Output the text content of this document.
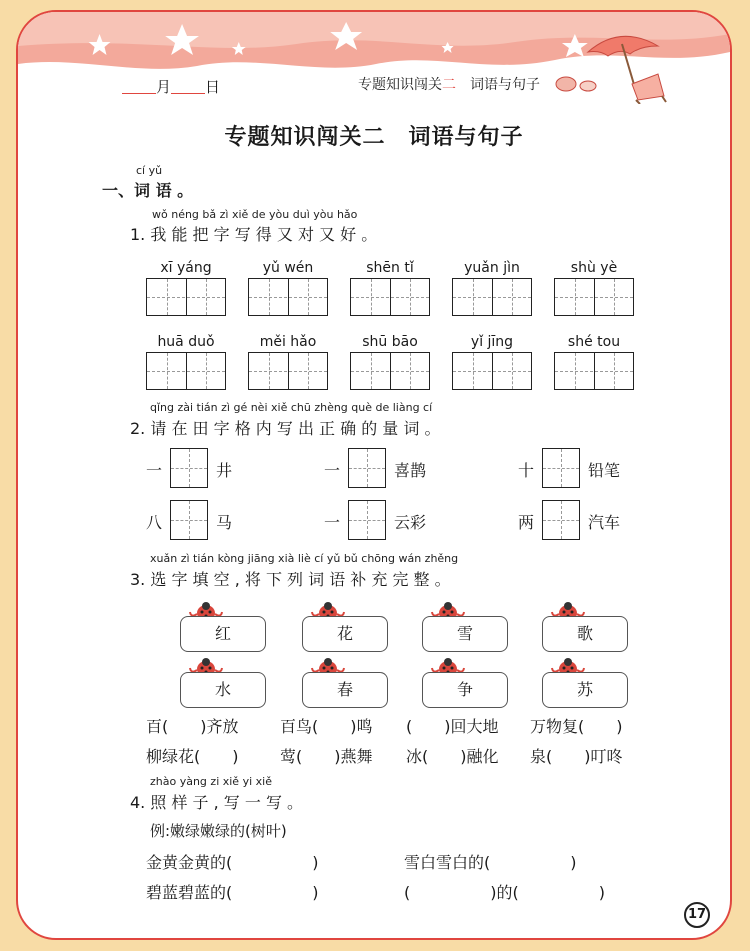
月 日	专题知识闯关二　 词语与句子
专题知识闯关二　词语与句子
cí yǔ
一、词 语 。
wǒ néng bǎ zì xiě de yòu duì yòu hǎo
1. 我 能 把 字 写 得 又 对 又 好 。
xī yáng	yǔ wén	shēn tǐ	yuǎn jìn	shù yè
huā duǒ	měi hǎo	shū bāo	yǐ jīng	shé tou
qǐng zài tián zì gé nèi xiě chū zhèng què de liàng cí
2. 请 在 田 字 格 内 写 出 正 确 的 量 词 。
一	井	一	喜鹊	十	铅笔
八	马	一	云彩	两	汽车
xuǎn zì tián kòng jiāng xià liè cí yǔ bǔ chōng wán zhěng
3. 选 字 填 空 , 将 下 列 词 语 补 充 完 整 。
红	花	雪	歌
水	春	争	苏
百(　　)齐放	百鸟(　　)鸣 (　　)回大地 万物复(　　)
柳绿花(　　)	莺(　　)燕舞 冰(　　)融化 泉(　　)叮咚
zhào yàng zi xiě yi xiě
4. 照 样 子 , 写 一 写 。
例:嫩绿嫩绿的(树叶)
金黄金黄的(　　　　　)	雪白雪白的(　　　　　)
碧蓝碧蓝的(　　　　　)	(　　　　　)的(　　　　　)
17
